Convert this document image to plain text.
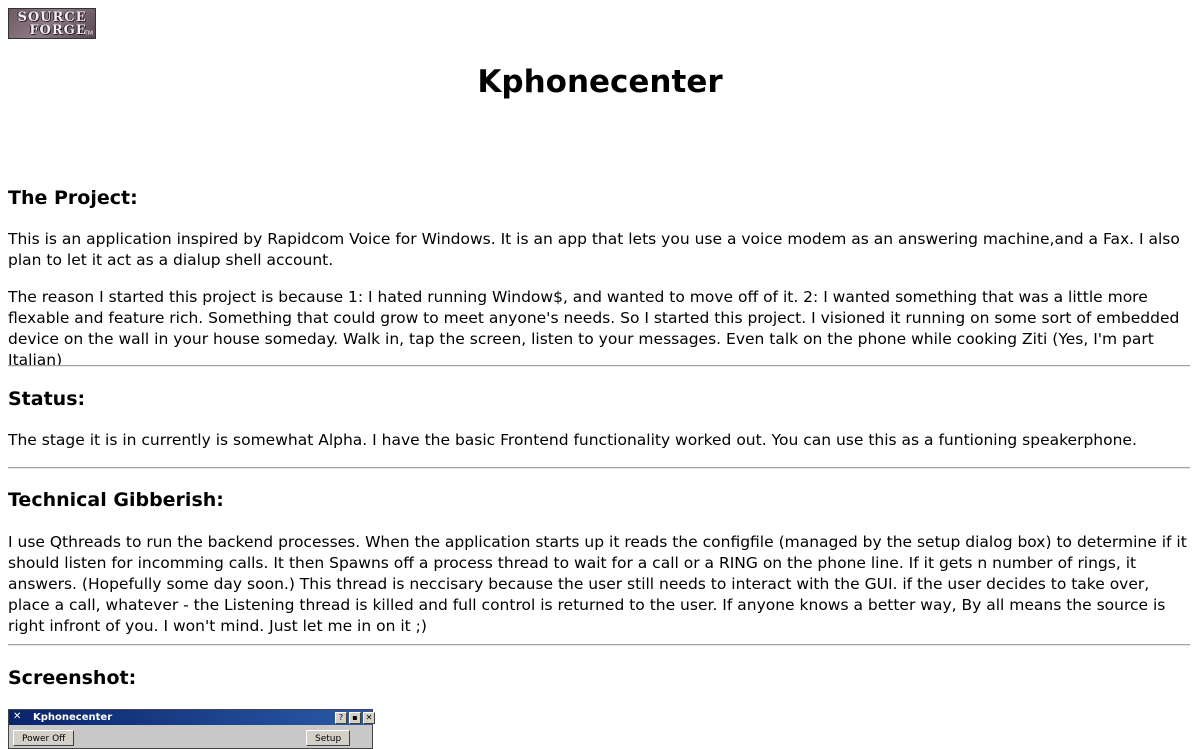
SOURCE
FORGE
TM
Kphonecenter
The Project:

This is an application inspired by Rapidcom Voice for Windows. It is an app that lets you use a voice modem as an answering machine,and a Fax. I also plan to let it act as a dialup shell account.

The reason I started this project is because 1: I hated running Window$, and wanted to move off of it. 2: I wanted something that was a little more flexable and feature rich. Something that could grow to meet anyone's needs. So I started this project. I visioned it running on some sort of embedded device on the wall in your house someday. Walk in, tap the screen, listen to your messages. Even talk on the phone while cooking Ziti (Yes, I'm part Italian)

Status:

The stage it is in currently is somewhat Alpha. I have the basic Frontend functionality worked out. You can use this as a funtioning speakerphone.

Technical Gibberish:

I use Qthreads to run the backend processes. When the application starts up it reads the configfile (managed by the setup dialog box) to determine if it should listen for incomming calls. It then Spawns off a process thread to wait for a call or a RING on the phone line. If it gets n number of rings, it answers. (Hopefully some day soon.) This thread is neccisary because the user still needs to interact with the GUI. if the user decides to take over, place a call, whatever - the Listening thread is killed and full control is returned to the user. If anyone knows a better way, By all means the source is right infront of you. I won't mind. Just let me in on it ;)

Screenshot:
✕ Kphonecenter	?	▪ ✕
Power Off	Setup
